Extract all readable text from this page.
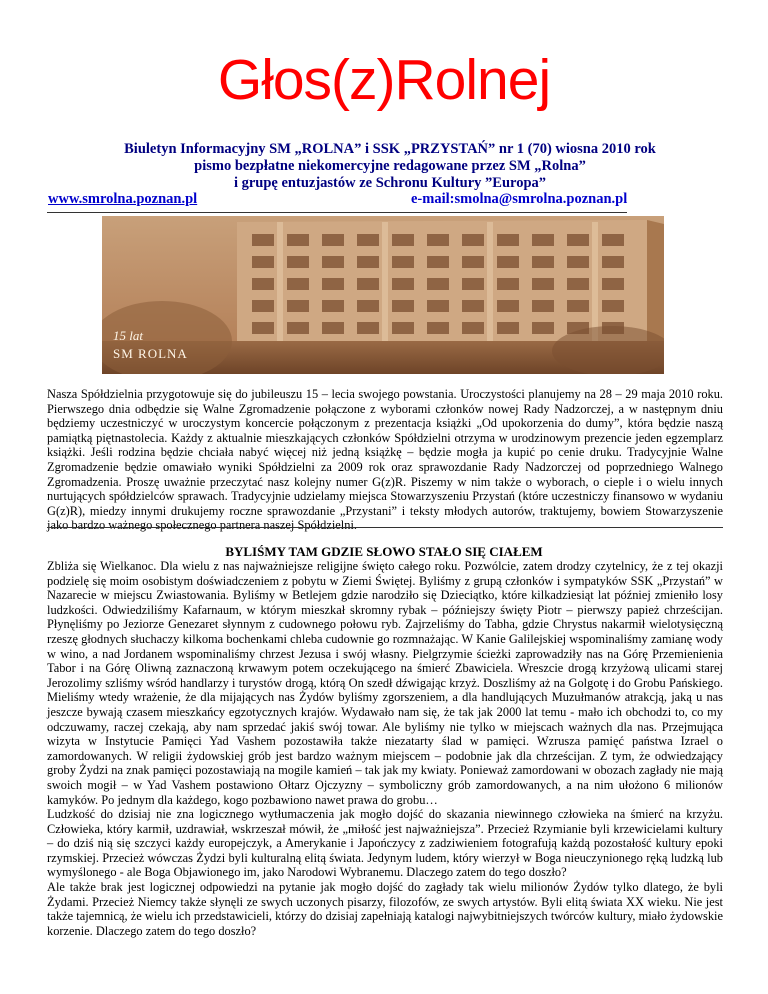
Głos(z)Rolnej
Biuletyn Informacyjny SM „ROLNA” i SSK „PRZYSTAŃ” nr 1 (70) wiosna 2010 rok
pismo bezpłatne niekomercyjne redagowane przez SM „Rolna”
i grupę entuzjastów ze Schronu Kultury ”Europa”
www.smrolna.poznan.pl	e-mail:smolna@smrolna.poznan.pl
15 lat
SM ROLNA
Nasza Spółdzielnia przygotowuje się do jubileuszu 15 – lecia swojego powstania. Uroczystości planujemy na 28 – 29 maja 2010 roku. Pierwszego dnia odbędzie się Walne Zgromadzenie połączone z wyborami członków nowej Rady Nadzorczej, a w następnym dniu będziemy uczestniczyć w uroczystym koncercie połączonym z prezentacja książki „Od upokorzenia do dumy”, która będzie naszą pamiątką piętnastolecia. Każdy z aktualnie mieszkających członków Spółdzielni otrzyma w urodzinowym prezencie jeden egzemplarz książki. Jeśli rodzina będzie chciała nabyć więcej niż jedną książkę – będzie mogła ja kupić po cenie druku. Tradycyjnie Walne Zgromadzenie będzie omawiało wyniki Spółdzielni za 2009 rok oraz sprawozdanie Rady Nadzorczej od poprzedniego Walnego Zgromadzenia. Proszę uważnie przeczytać nasz kolejny numer G(z)R. Piszemy w nim także o wyborach, o cieple i o wielu innych nurtujących spółdzielców sprawach. Tradycyjnie udzielamy miejsca Stowarzyszeniu Przystań (które uczestniczy finansowo w wydaniu G(z)R), miedzy innymi drukujemy roczne sprawozdanie „Przystani” i teksty młodych autorów, traktujemy, bowiem Stowarzyszenie jako bardzo ważnego społecznego partnera naszej Spółdzielni.
BYLIŚMY TAM GDZIE SŁOWO STAŁO SIĘ CIAŁEM

Zbliża się Wielkanoc. Dla wielu z nas najważniejsze religijne święto całego roku. Pozwólcie, zatem drodzy czytelnicy, że z tej okazji podzielę się moim osobistym doświadczeniem z pobytu w Ziemi Świętej. Byliśmy z grupą członków i sympatyków SSK „Przystań” w Nazarecie w miejscu Zwiastowania. Byliśmy w Betlejem gdzie narodziło się Dzieciątko, które kilkadziesiąt lat później zmieniło losy ludzkości. Odwiedziliśmy Kafarnaum, w którym mieszkał skromny rybak – późniejszy święty Piotr – pierwszy papież chrześcijan. Płynęliśmy po Jeziorze Genezaret słynnym z cudownego połowu ryb. Zajrzeliśmy do Tabha, gdzie Chrystus nakarmił wielotysięczną rzeszę głodnych słuchaczy kilkoma bochenkami chleba cudownie go rozmnażając. W Kanie Galilejskiej wspominaliśmy zamianę wody w wino, a nad Jordanem wspominaliśmy chrzest Jezusa i swój własny. Pielgrzymie ścieżki zaprowadziły nas na Górę Przemienienia Tabor i na Górę Oliwną zaznaczoną krwawym potem oczekującego na śmierć Zbawiciela. Wreszcie drogą krzyżową ulicami starej Jerozolimy szliśmy wśród handlarzy i turystów drogą, którą On szedł dźwigając krzyż. Doszliśmy aż na Golgotę i do Grobu Pańskiego. Mieliśmy wtedy wrażenie, że dla mijających nas Żydów byliśmy zgorszeniem, a dla handlujących Muzułmanów atrakcją, jaką u nas jeszcze bywają czasem mieszkańcy egzotycznych krajów. Wydawało nam się, że tak jak 2000 lat temu - mało ich obchodzi to, co my odczuwamy, raczej czekają, aby nam sprzedać jakiś swój towar. Ale byliśmy nie tylko w miejscach ważnych dla nas. Przejmująca wizyta w Instytucie Pamięci Yad Vashem pozostawiła także niezatarty ślad w pamięci. Wzrusza pamięć państwa Izrael o zamordowanych. W religii żydowskiej grób jest bardzo ważnym miejscem – podobnie jak dla chrześcijan. Z tym, że odwiedzający groby Żydzi na znak pamięci pozostawiają na mogile kamień – tak jak my kwiaty. Ponieważ zamordowani w obozach zagłady nie mają swoich mogił – w Yad Vashem postawiono Ołtarz Ojczyzny – symboliczny grób zamordowanych, a na nim ułożono 6 milionów kamyków. Po jednym dla każdego, kogo pozbawiono nawet prawa do grobu…

Ludzkość do dzisiaj nie zna logicznego wytłumaczenia jak mogło dojść do skazania niewinnego człowieka na śmierć na krzyżu. Człowieka, który karmił, uzdrawiał, wskrzeszał mówił, że „miłość jest najważniejsza”. Przecież Rzymianie byli krzewicielami kultury – do dziś nią się szczyci każdy europejczyk, a Amerykanie i Japończycy z zadziwieniem fotografują każdą pozostałość kultury epoki rzymskiej. Przecież wówczas Żydzi byli kulturalną elitą świata. Jedynym ludem, który wierzył w Boga nieuczynionego ręką ludzką lub wymyślonego - ale Boga Objawionego im, jako Narodowi Wybranemu. Dlaczego zatem do tego doszło?

Ale także brak jest logicznej odpowiedzi na pytanie jak mogło dojść do zagłady tak wielu milionów Żydów tylko dlatego, że byli Żydami. Przecież Niemcy także słynęli ze swych uczonych pisarzy, filozofów, ze swych artystów. Byli elitą świata XX wieku. Nie jest także tajemnicą, że wielu ich przedstawicieli, którzy do dzisiaj zapełniają katalogi najwybitniejszych twórców kultury, miało żydowskie korzenie. Dlaczego zatem do tego doszło?
